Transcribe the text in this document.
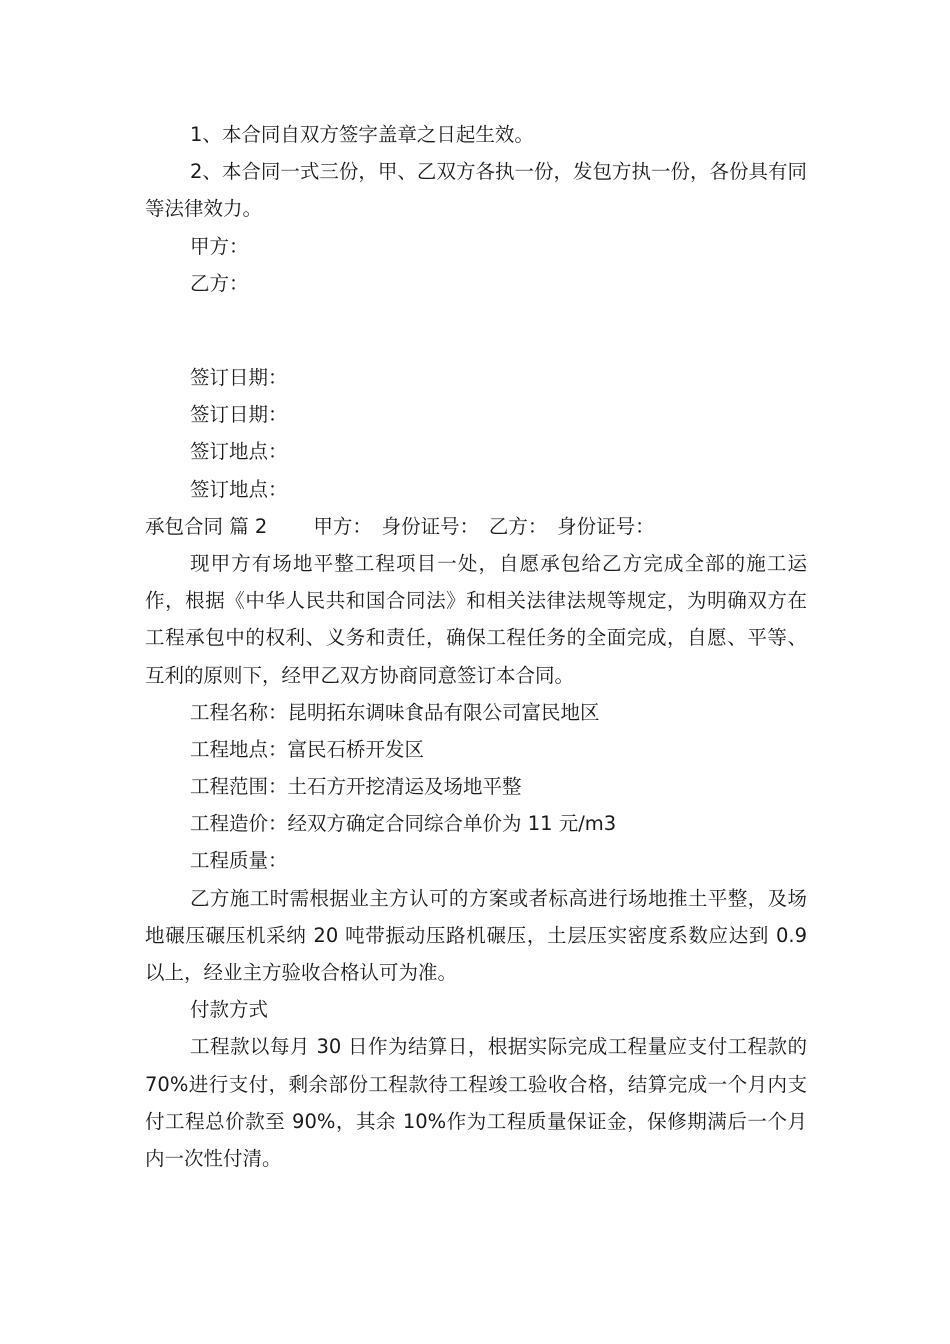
1、本合同自双方签字盖章之日起生效。
2、本合同一式三份，甲、乙双方各执一份，发包方执一份，各份具有同等法律效力。
甲方：
乙方：
签订日期：
签订日期：
签订地点：
签订地点：
承包合同 篇 2 甲方：　身份证号：　乙方：　身份证号：
现甲方有场地平整工程项目一处，自愿承包给乙方完成全部的施工运作，根据《中华人民共和国合同法》和相关法律法规等规定，为明确双方在工程承包中的权利、义务和责任，确保工程任务的全面完成，自愿、平等、互利的原则下，经甲乙双方协商同意签订本合同。
工程名称：昆明拓东调味食品有限公司富民地区
工程地点：富民石桥开发区
工程范围：土石方开挖清运及场地平整
工程造价：经双方确定合同综合单价为 11 元/m3
工程质量：
乙方施工时需根据业主方认可的方案或者标高进行场地推土平整，及场地碾压碾压机采纳 20 吨带振动压路机碾压，土层压实密度系数应达到 0.9 以上，经业主方验收合格认可为准。
付款方式
工程款以每月 30 日作为结算日，根据实际完成工程量应支付工程款的 70%进行支付，剩余部份工程款待工程竣工验收合格，结算完成一个月内支付工程总价款至 90%，其余 10%作为工程质量保证金，保修期满后一个月内一次性付清。
